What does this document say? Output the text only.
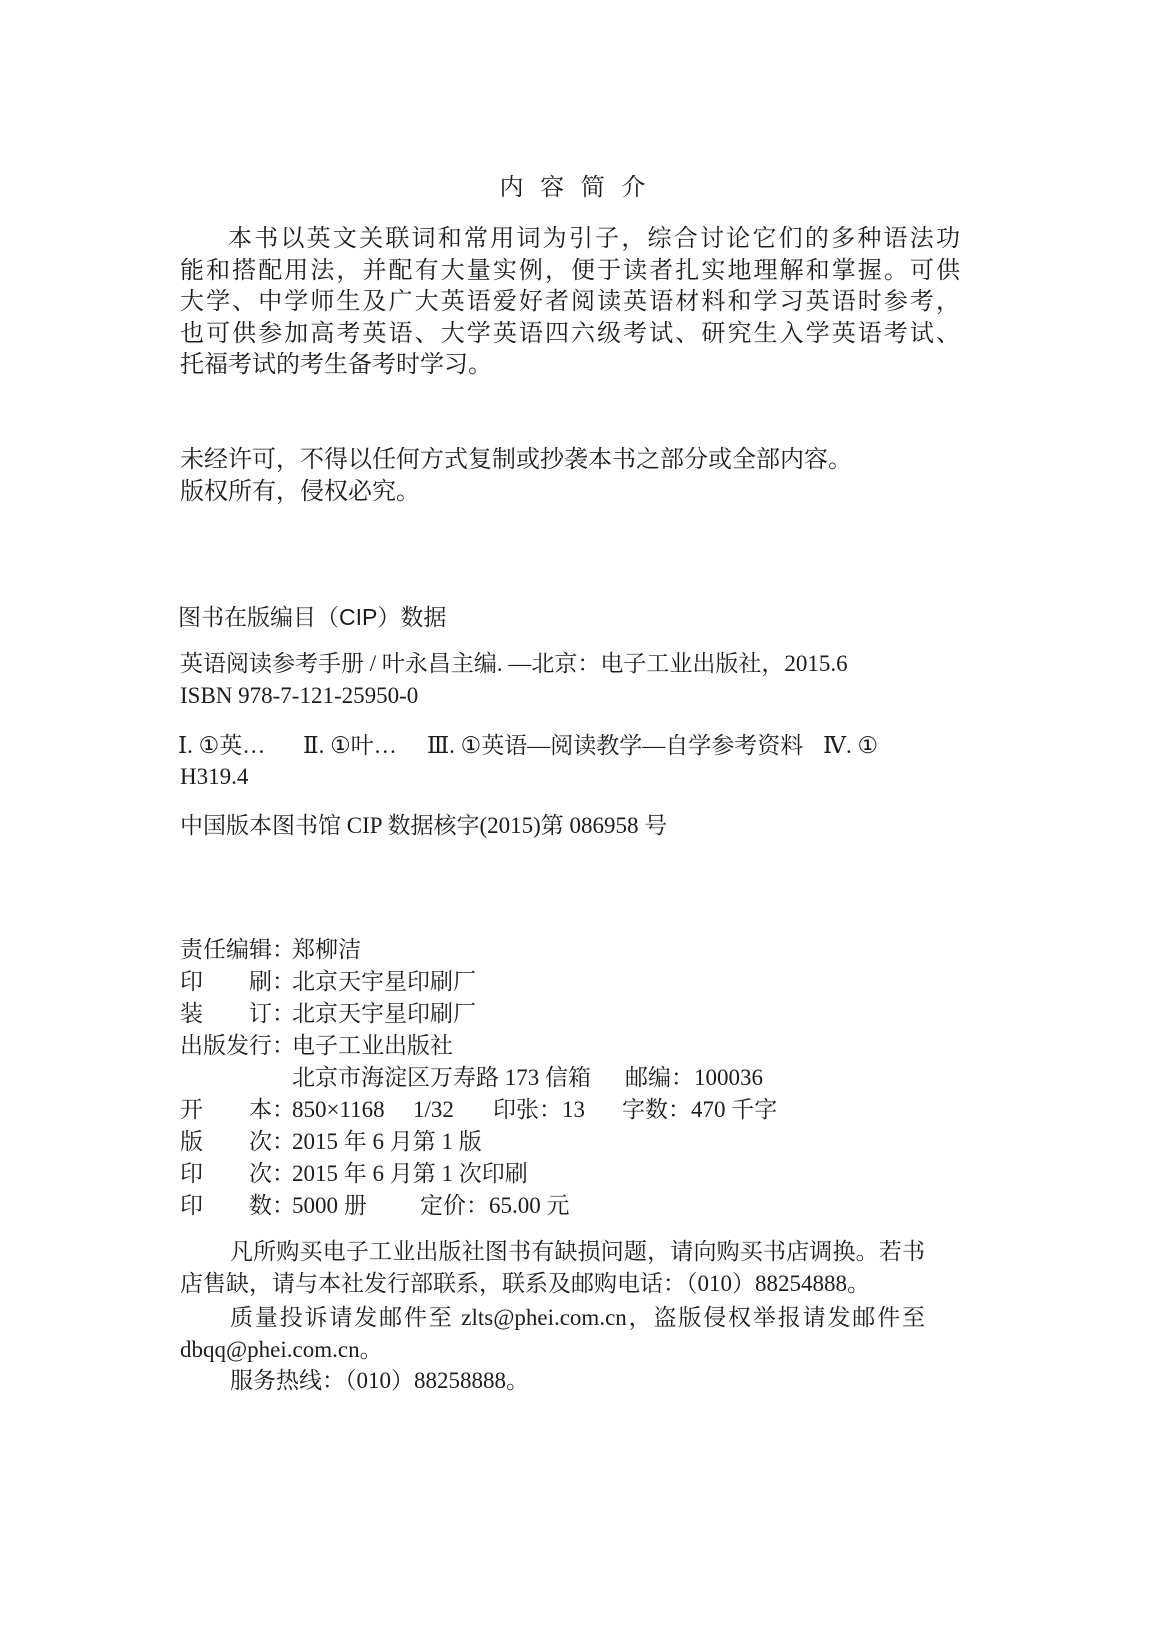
内 容 简 介
本书以英文关联词和常用词为引子，综合讨论它们的多种语法功
能和搭配用法，并配有大量实例，便于读者扎实地理解和掌握。可供
大学、中学师生及广大英语爱好者阅读英语材料和学习英语时参考，
也可供参加高考英语、大学英语四六级考试、研究生入学英语考试、
托福考试的考生备考时学习。
未经许可，不得以任何方式复制或抄袭本书之部分或全部内容。
版权所有，侵权必究。
图书在版编目（CIP）数据
英语阅读参考手册 / 叶永昌主编. —北京：电子工业出版社，2015.6
ISBN 978-7-121-25950-0
Ⅰ. ①英… Ⅱ. ①叶… Ⅲ. ①英语—阅读教学—自学参考资料 Ⅳ. ①
H319.4
中国版本图书馆 CIP 数据核字(2015)第 086958 号
责任编辑：
郑柳洁
印　　刷：
北京天宇星印刷厂
装　　订：
北京天宇星印刷厂
出版发行：
电子工业出版社
北京市海淀区万寿路 173 信箱 邮编：100036
开　　本：
850×1168 1/32 印张：13 字数：470 千字
版　　次：
2015 年 6 月第 1 版
印　　次：
2015 年 6 月第 1 次印刷
印　　数：
5000 册 定价：65.00 元
凡所购买电子工业出版社图书有缺损问题，请向购买书店调换。若书
店售缺，请与本社发行部联系，联系及邮购电话：（010）88254888。
质量投诉请发邮件至 zlts@phei.com.cn，盗版侵权举报请发邮件至
dbqq@phei.com.cn。
服务热线：（010）88258888。
